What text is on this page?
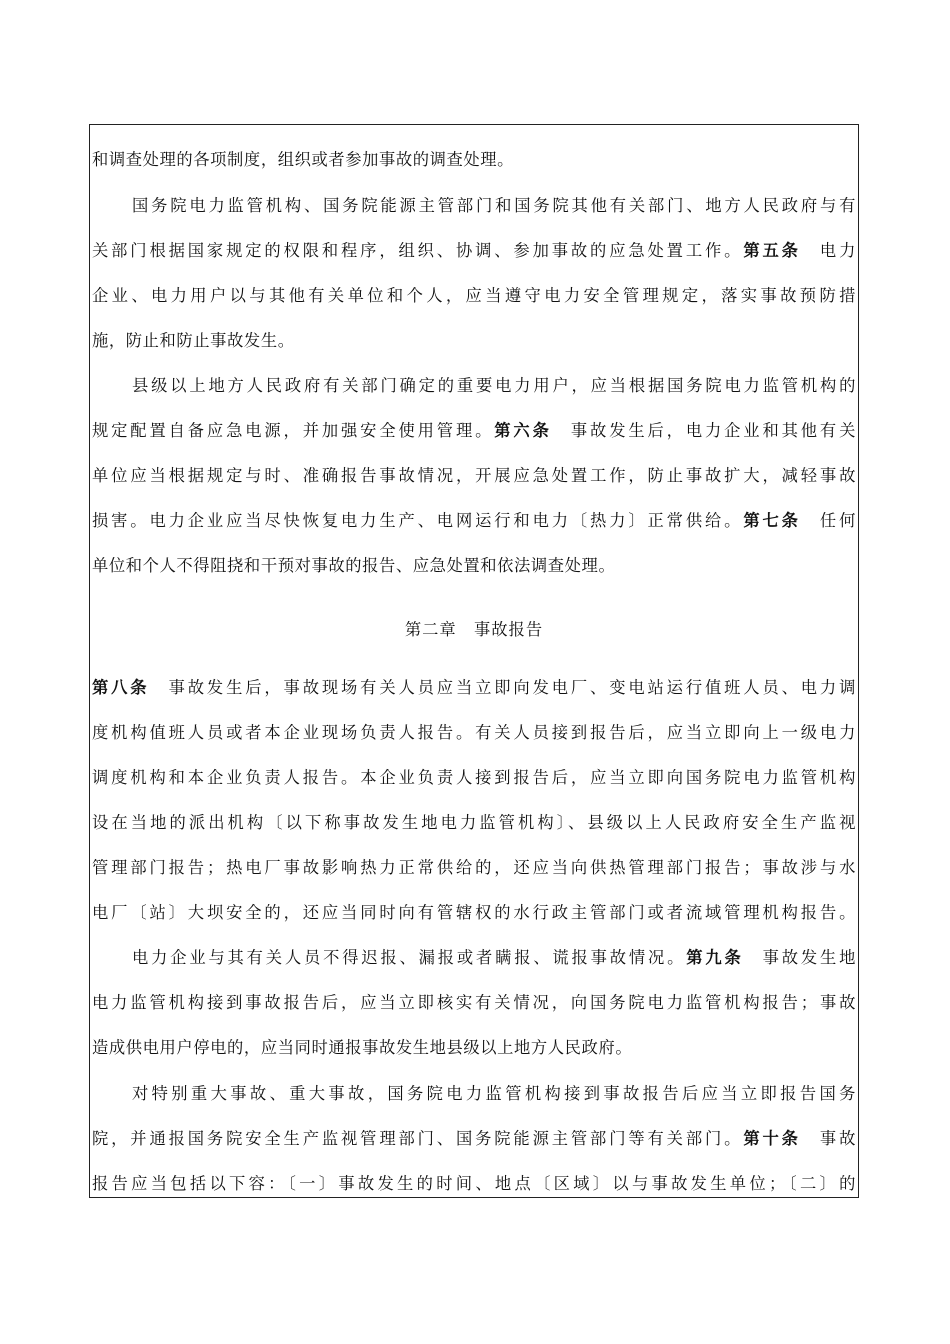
和调查处理的各项制度，组织或者参加事故的调查处理。
国务院电力监管机构、国务院能源主管部门和国务院其他有关部门、地方人民政府与有
关部门根据国家规定的权限和程序，组织、协调、参加事故的应急处置工作。第五条　电力
企业、电力用户以与其他有关单位和个人，应当遵守电力安全管理规定，落实事故预防措
施，防止和防止事故发生。
县级以上地方人民政府有关部门确定的重要电力用户，应当根据国务院电力监管机构的
规定配置自备应急电源，并加强安全使用管理。第六条　事故发生后，电力企业和其他有关
单位应当根据规定与时、准确报告事故情况，开展应急处置工作，防止事故扩大，减轻事故
损害。电力企业应当尽快恢复电力生产、电网运行和电力〔热力〕正常供给。第七条　任何
单位和个人不得阻挠和干预对事故的报告、应急处置和依法调查处理。
第八条　事故发生后，事故现场有关人员应当立即向发电厂、变电站运行值班人员、电力调
度机构值班人员或者本企业现场负责人报告。有关人员接到报告后，应当立即向上一级电力
调度机构和本企业负责人报告。本企业负责人接到报告后，应当立即向国务院电力监管机构
设在当地的派出机构〔以下称事故发生地电力监管机构〕、县级以上人民政府安全生产监视
管理部门报告；热电厂事故影响热力正常供给的，还应当向供热管理部门报告；事故涉与水
电厂〔站〕大坝安全的，还应当同时向有管辖权的水行政主管部门或者流域管理机构报告。
电力企业与其有关人员不得迟报、漏报或者瞒报、谎报事故情况。第九条　事故发生地
电力监管机构接到事故报告后，应当立即核实有关情况，向国务院电力监管机构报告；事故
造成供电用户停电的，应当同时通报事故发生地县级以上地方人民政府。
对特别重大事故、重大事故，国务院电力监管机构接到事故报告后应当立即报告国务
院，并通报国务院安全生产监视管理部门、国务院能源主管部门等有关部门。第十条　事故
报告应当包括以下容：〔一〕事故发生的时间、地点〔区域〕以与事故发生单位；〔二〕的
第二章　事故报告
